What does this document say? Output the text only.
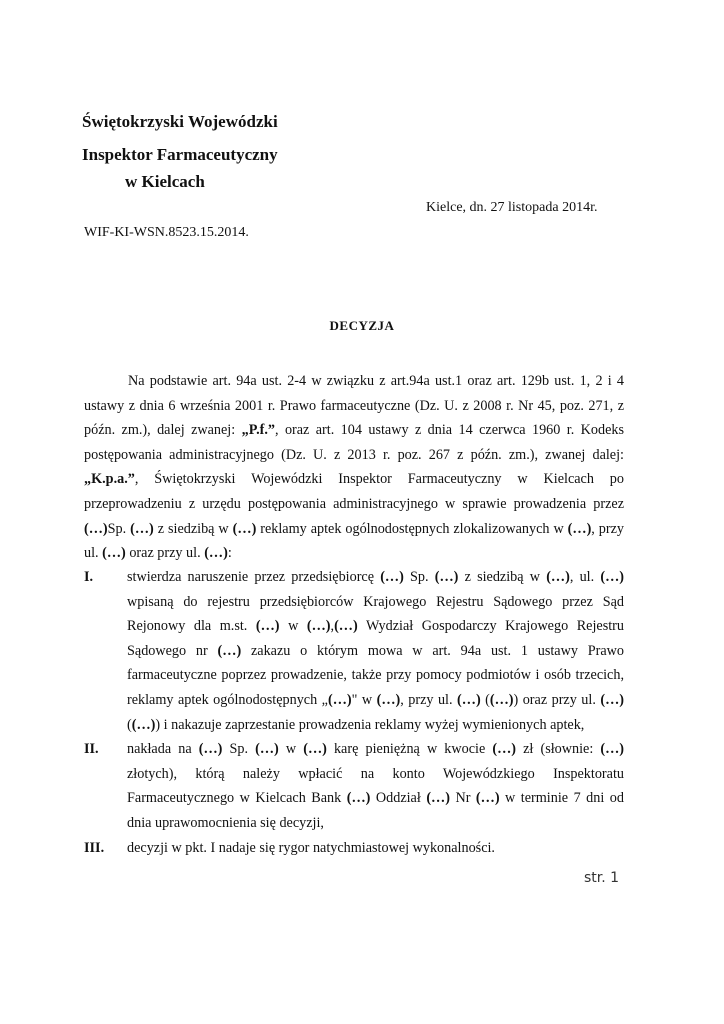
Świętokrzyski Wojewódzki
Inspektor Farmaceutyczny
w Kielcach
Kielce, dn. 27 listopada 2014r.
WIF-KI-WSN.8523.15.2014.
DECYZJA

Na podstawie art. 94a ust. 2-4 w związku z art.94a ust.1 oraz art. 129b ust. 1, 2 i 4 ustawy z dnia 6 września 2001 r. Prawo farmaceutyczne (Dz. U. z 2008 r. Nr 45, poz. 271, z późn. zm.), dalej zwanej: „P.f.”, oraz art. 104 ustawy z dnia 14 czerwca 1960 r. Kodeks postępowania administracyjnego (Dz. U. z 2013 r. poz. 267 z późn. zm.), zwanej dalej: „K.p.a.”, Świętokrzyski Wojewódzki Inspektor Farmaceutyczny w Kielcach po przeprowadzeniu z urzędu postępowania administracyjnego w sprawie prowadzenia przez (…)Sp. (…) z siedzibą w (…) reklamy aptek ogólnodostępnych zlokalizowanych w (…), przy ul. (…) oraz przy ul. (…):

I. stwierdza naruszenie przez przedsiębiorcę (…) Sp. (…) z siedzibą w (…), ul. (…) wpisaną do rejestru przedsiębiorców Krajowego Rejestru Sądowego przez Sąd Rejonowy dla m.st. (…) w (…),(…) Wydział Gospodarczy Krajowego Rejestru Sądowego nr (…) zakazu o którym mowa w art. 94a ust. 1 ustawy Prawo farmaceutyczne poprzez prowadzenie, także przy pomocy podmiotów i osób trzecich, reklamy aptek ogólnodostępnych „(…)" w (…), przy ul. (…) ((…)) oraz przy ul. (…) ((…)) i nakazuje zaprzestanie prowadzenia reklamy wyżej wymienionych aptek,
II. nakłada na (…) Sp. (…) w (…) karę pieniężną w kwocie (…) zł (słownie: (…) złotych), którą należy wpłacić na konto Wojewódzkiego Inspektoratu Farmaceutycznego w Kielcach Bank (…) Oddział (…) Nr (…) w terminie 7 dni od dnia uprawomocnienia się decyzji,
III. decyzji w pkt. I nadaje się rygor natychmiastowej wykonalności.
str. 1
